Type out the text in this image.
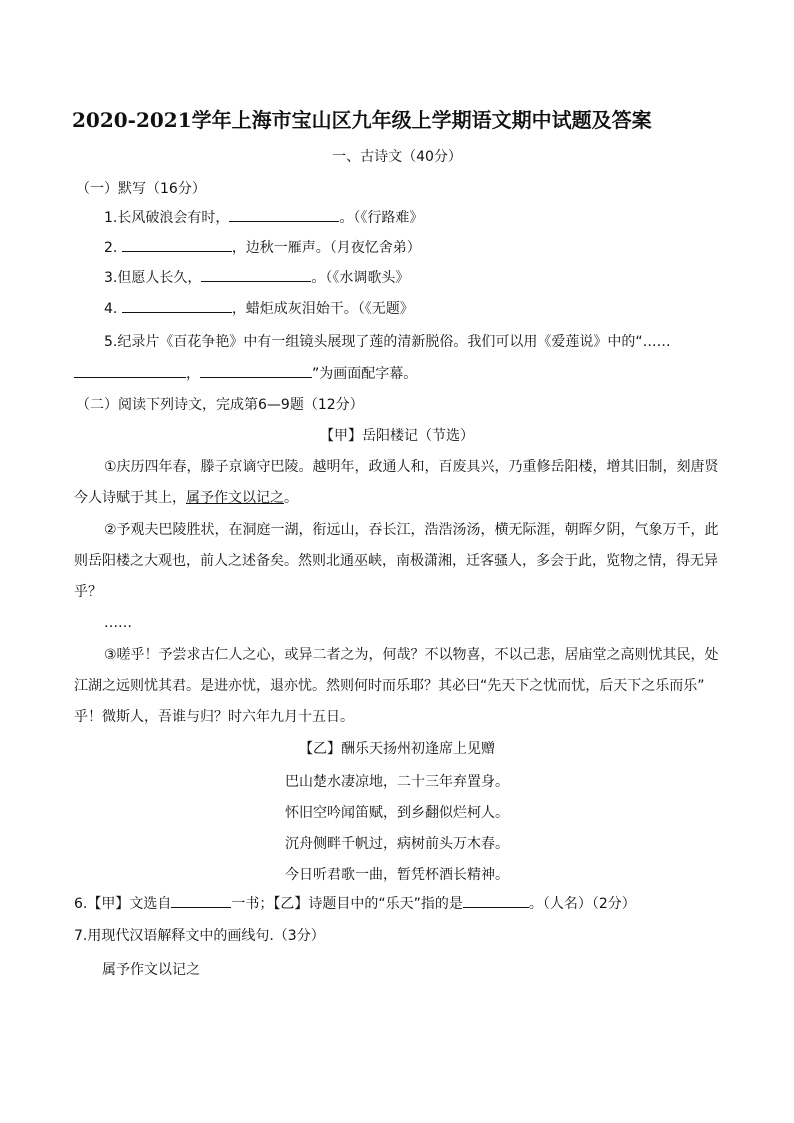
2020-2021学年上海市宝山区九年级上学期语文期中试题及答案
一、古诗文（40分）
（一）默写（16分）
1.长风破浪会有时，	。（《行路难》
2.	，边秋一雁声。（月夜忆舍弟）
3.但愿人长久，	。（《水调歌头》
4.	，蜡炬成灰泪始干。（《无题》
5.纪录片《百花争艳》中有一组镜头展现了莲的清新脱俗。我们可以用《爱莲说》中的“……
，	”为画面配字幕。
（二）阅读下列诗文，完成第6—9题（12分）
【甲】岳阳楼记（节选）
①庆历四年春，滕子京谪守巴陵。越明年，政通人和，百废具兴，乃重修岳阳楼，增其旧制，刻唐贤
今人诗赋于其上，属予作文以记之。
②予观夫巴陵胜状，在洞庭一湖，衔远山，吞长江，浩浩汤汤，横无际涯，朝晖夕阴，气象万千，此
则岳阳楼之大观也，前人之述备矣。然则北通巫峡，南极潇湘，迁客骚人，多会于此，览物之情，得无异
乎？
……
③嗟乎！予尝求古仁人之心，或异二者之为，何哉？不以物喜，不以己悲，居庙堂之高则忧其民，处
江湖之远则忧其君。是进亦忧，退亦忧。然则何时而乐耶？其必曰“先天下之忧而忧，后天下之乐而乐”
乎！微斯人，吾谁与归？时六年九月十五日。
【乙】酬乐天扬州初逢席上见赠
巴山楚水凄凉地，二十三年弃置身。
怀旧空吟闻笛赋，到乡翻似烂柯人。
沉舟侧畔千帆过，病树前头万木春。
今日听君歌一曲，暂凭杯酒长精神。
6.【甲】文选自	一书；【乙】诗题目中的“乐天”指的是	。（人名）（2分）
7.用现代汉语解释文中的画线句.（3分）
属予作文以记之
